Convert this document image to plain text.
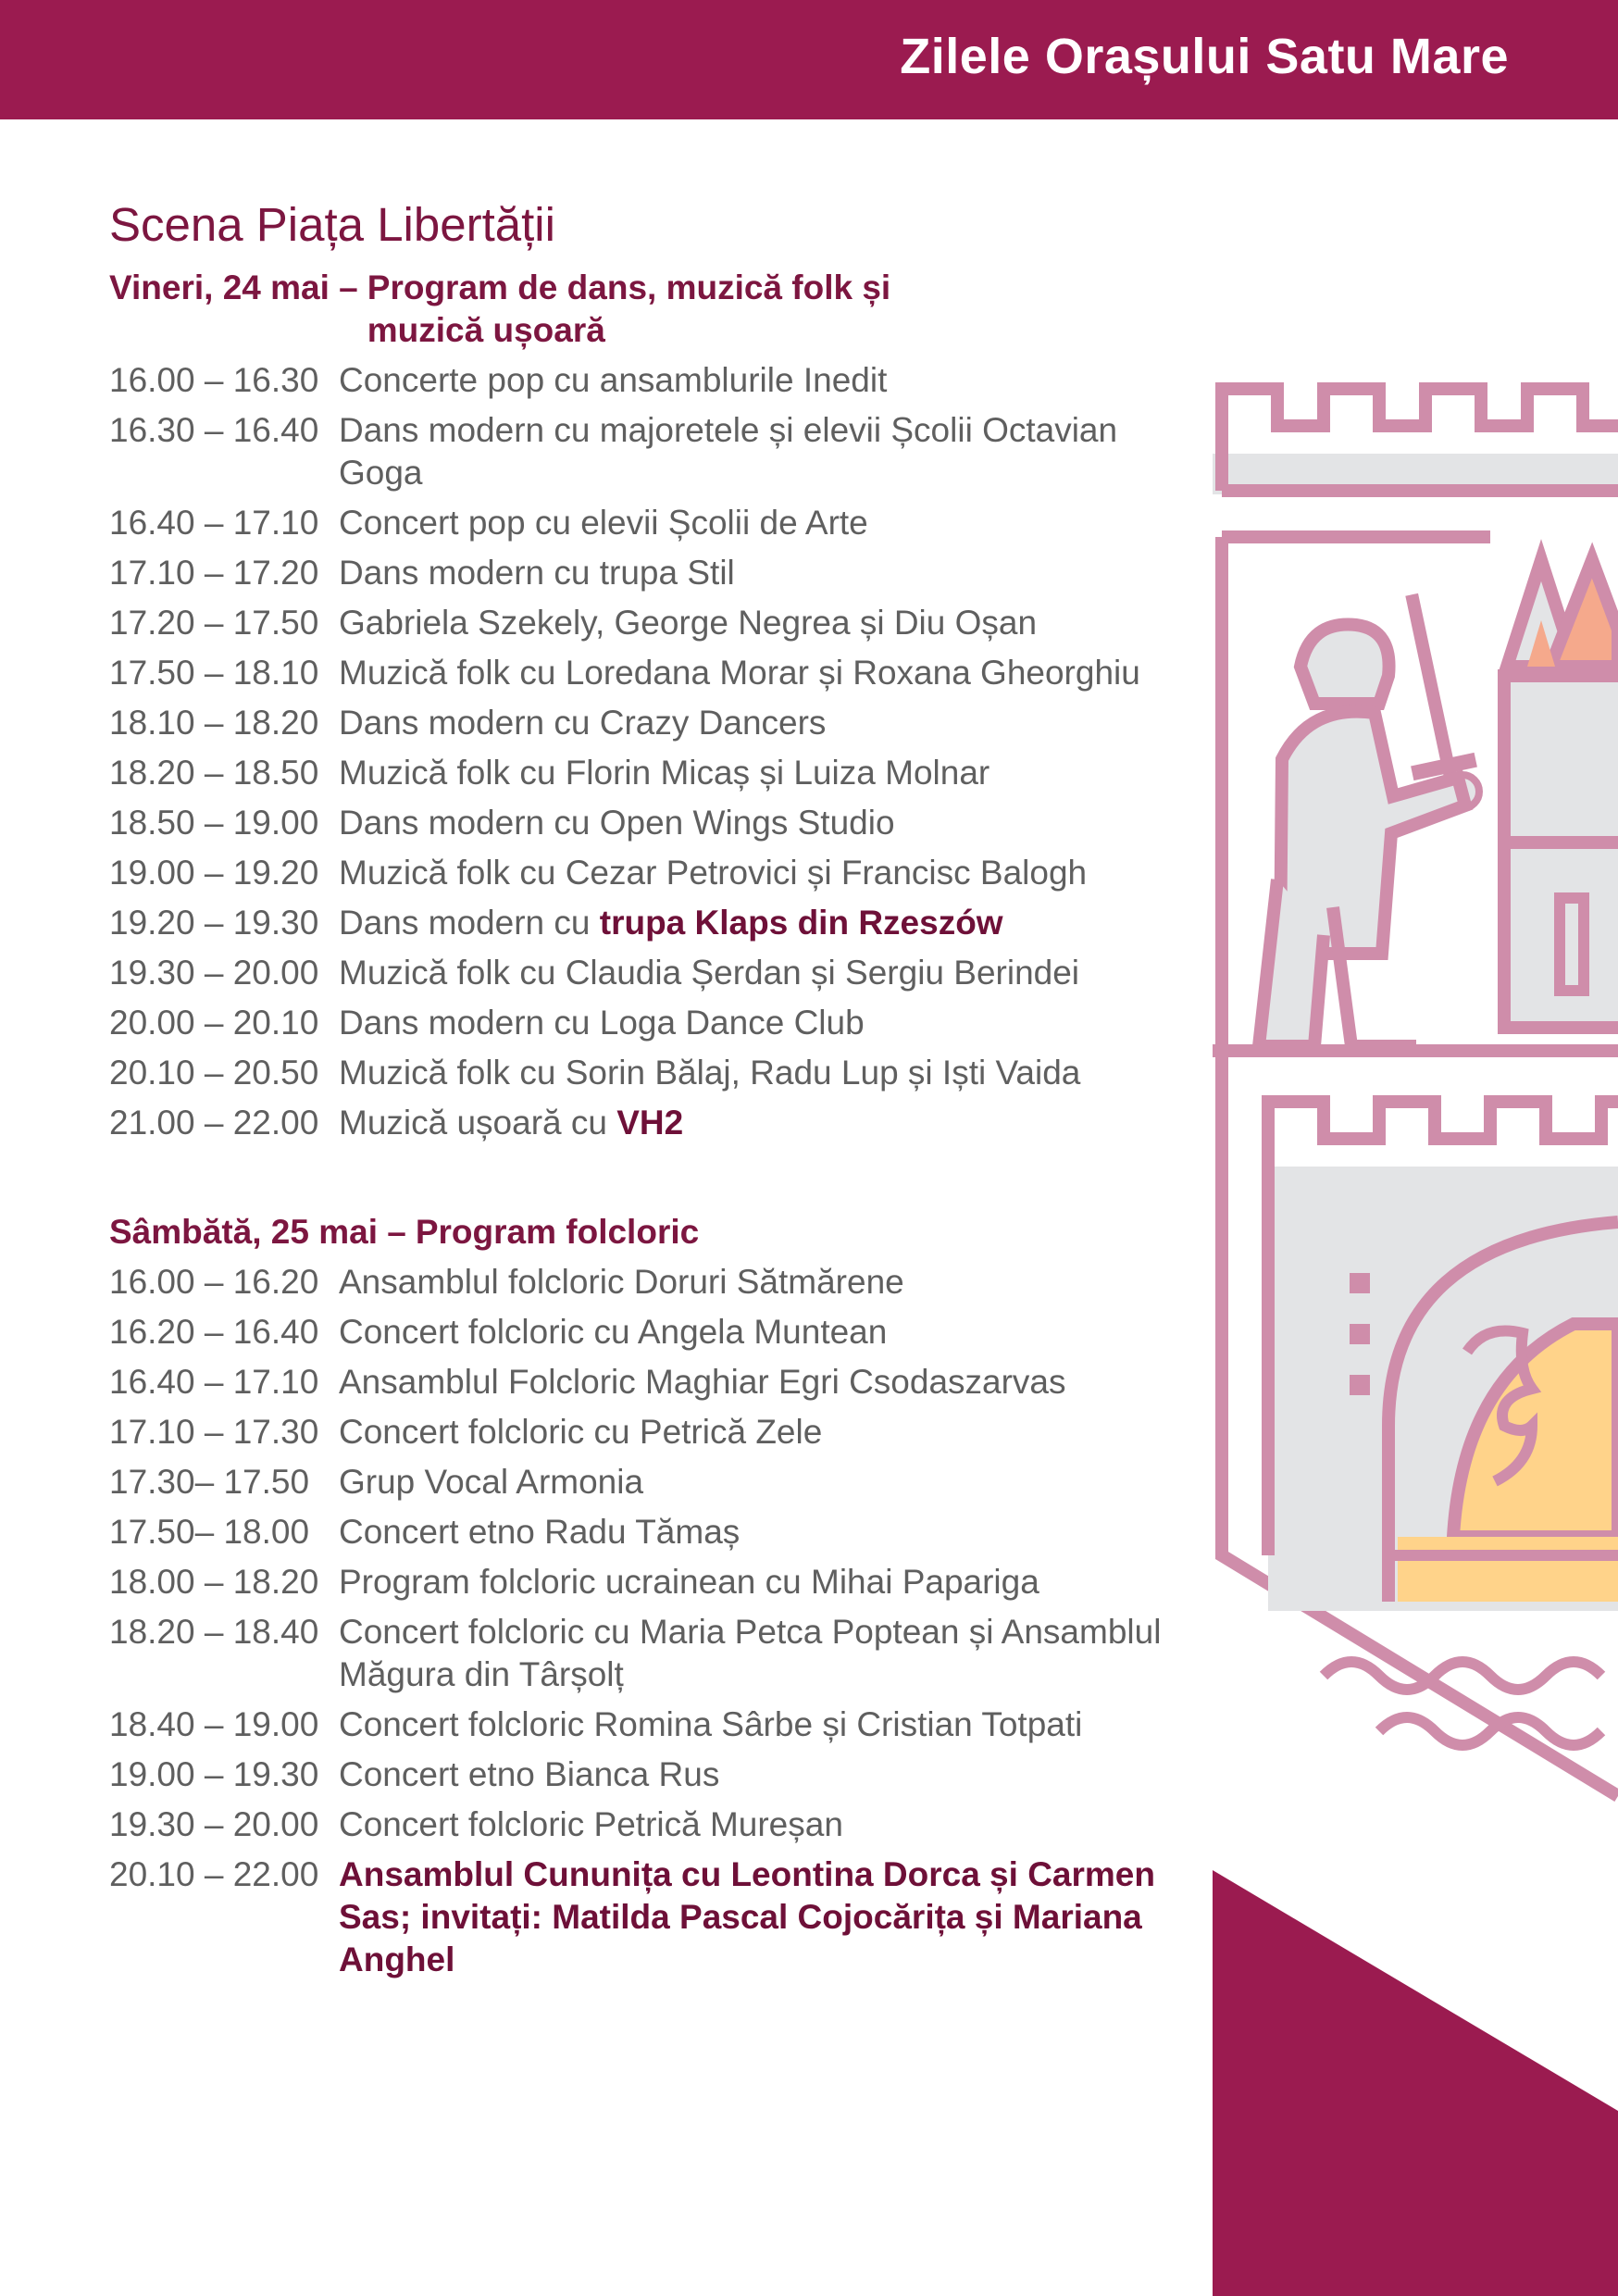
Zilele Orașului Satu Mare
Scena Piața Libertății
Vineri, 24 mai – Program de dans, muzică folk și muzică ușoară
16.00 – 16.30 Concerte pop cu ansamblurile Inedit
16.30 – 16.40 Dans modern cu majoretele și elevii Școlii Octavian Goga
16.40 – 17.10 Concert pop cu elevii Școlii de Arte
17.10 – 17.20 Dans modern cu trupa Stil
17.20 – 17.50 Gabriela Szekely, George Negrea și Diu Oșan
17.50 – 18.10 Muzică folk cu Loredana Morar și Roxana Gheorghiu
18.10 – 18.20 Dans modern cu Crazy Dancers
18.20 – 18.50 Muzică folk cu Florin Micaș și Luiza Molnar
18.50 – 19.00 Dans modern cu Open Wings Studio
19.00 – 19.20 Muzică folk cu Cezar Petrovici și Francisc Balogh
19.20 – 19.30 Dans modern cu trupa Klaps din Rzeszów
19.30 – 20.00 Muzică folk cu Claudia Șerdan și Sergiu Berindei
20.00 – 20.10 Dans modern cu Loga Dance Club
20.10 – 20.50 Muzică folk cu Sorin Bălaj, Radu Lup și Iști Vaida
21.00 – 22.00 Muzică ușoară cu VH2
Sâmbătă, 25 mai – Program folcloric
16.00 – 16.20 Ansamblul folcloric Doruri Sătmărene
16.20 – 16.40 Concert folcloric cu Angela Muntean
16.40 – 17.10 Ansamblul Folcloric Maghiar Egri Csodaszarvas
17.10 – 17.30 Concert folcloric cu Petrică Zele
17.30– 17.50 Grup Vocal Armonia
17.50– 18.00 Concert etno Radu Tămaș
18.00 – 18.20 Program folcloric ucrainean cu Mihai Papariga
18.20 – 18.40 Concert folcloric cu Maria Petca Poptean și Ansamblul Măgura din Târșolț
18.40 – 19.00 Concert folcloric Romina Sârbe și Cristian Totpati
19.00 – 19.30 Concert etno Bianca Rus
19.30 – 20.00 Concert folcloric Petrică Mureșan
20.10 – 22.00 Ansamblul Cununița cu Leontina Dorca și Carmen Sas; invitați: Matilda Pascal Cojocărița și Mariana Anghel
